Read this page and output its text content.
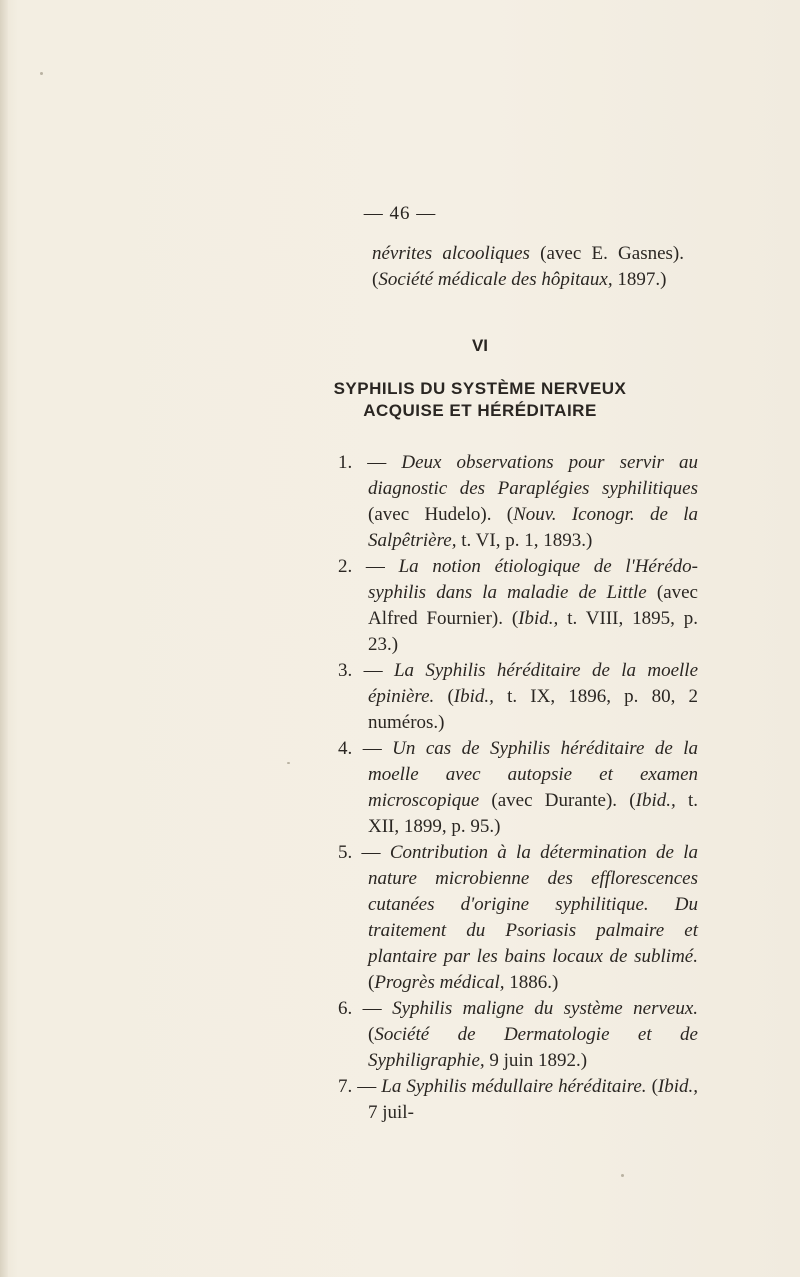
— 46 —
névrites alcooliques (avec E. Gasnes).
(Société médicale des hôpitaux, 1897.)
VI
SYPHILIS DU SYSTÈME NERVEUX
ACQUISE ET HÉRÉDITAIRE

1. — Deux observations pour servir au diagnostic des Paraplégies syphilitiques (avec Hudelo). (Nouv. Iconogr. de la Salpêtrière, t. VI, p. 1, 1893.)

2. — La notion étiologique de l'Hérédo-syphilis dans la maladie de Little (avec Alfred Fournier). (Ibid., t. VIII, 1895, p. 23.)

3. — La Syphilis héréditaire de la moelle épinière. (Ibid., t. IX, 1896, p. 80, 2 numéros.)

4. — Un cas de Syphilis héréditaire de la moelle avec autopsie et examen microscopique (avec Durante). (Ibid., t. XII, 1899, p. 95.)

5. — Contribution à la détermination de la nature microbienne des efflorescences cutanées d'origine syphilitique. Du traitement du Psoriasis palmaire et plantaire par les bains locaux de sublimé. (Progrès médical, 1886.)

6. — Syphilis maligne du système nerveux. (Société de Dermatologie et de Syphiligraphie, 9 juin 1892.)

7. — La Syphilis médullaire héréditaire. (Ibid., 7 juil-
